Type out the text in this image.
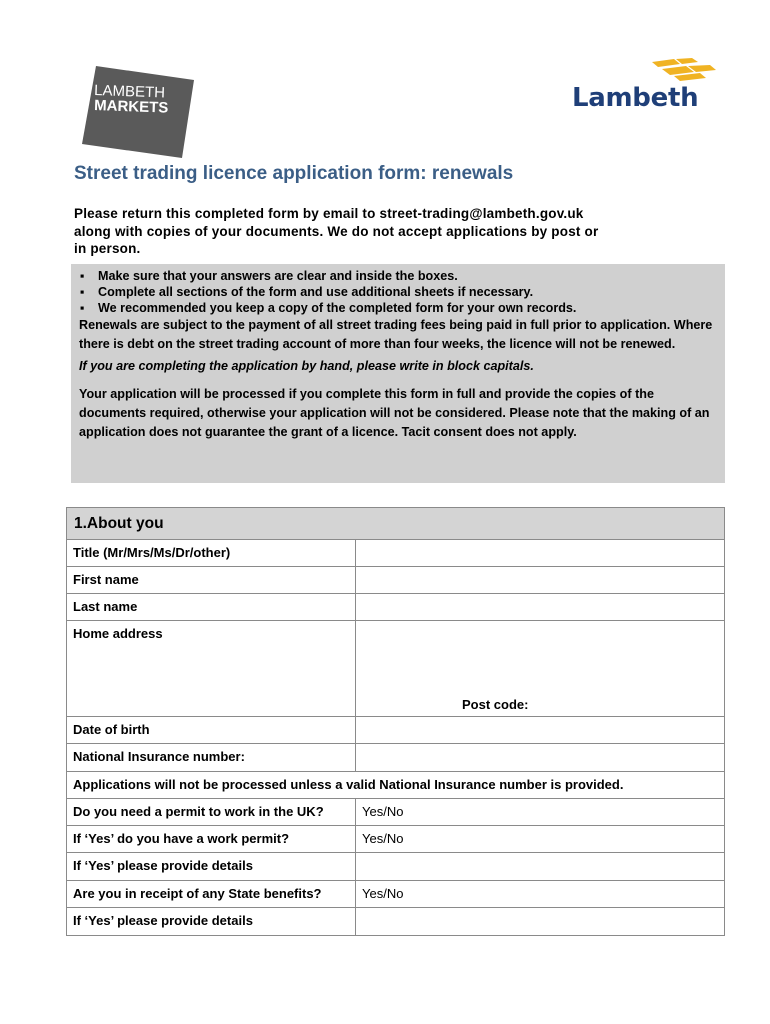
LAMBETH
MARKETS	Lambeth
Street trading licence application form: renewals
Please return this completed form by email to street-trading@lambeth.gov.uk
along with copies of your documents. We do not accept applications by post or
in person.
▪ Make sure that your answers are clear and inside the boxes.
▪ Complete all sections of the form and use additional sheets if necessary.
▪ We recommended you keep a copy of the completed form for your own records.

Renewals are subject to the payment of all street trading fees being paid in full prior to application. Where there is debt on the street trading account of more than four weeks, the licence will not be renewed.

If you are completing the application by hand, please write in block capitals.

Your application will be processed if you complete this form in full and provide the copies of the documents required, otherwise your application will not be considered. Please note that the making of an application does not guarantee the grant of a licence. Tacit consent does not apply.

1.About you	
Title (Mr/Mrs/Ms/Dr/other)	
First name	
Last name	
Home address	Post code:

Date of birth	
National Insurance number:	
Applications will not be processed unless a valid National Insurance number is provided.	
Do you need a permit to work in the UK?	Yes/No
If ‘Yes’ do you have a work permit?	Yes/No
If ‘Yes’ please provide details	
Are you in receipt of any State benefits?	Yes/No
If ‘Yes’ please provide details	
